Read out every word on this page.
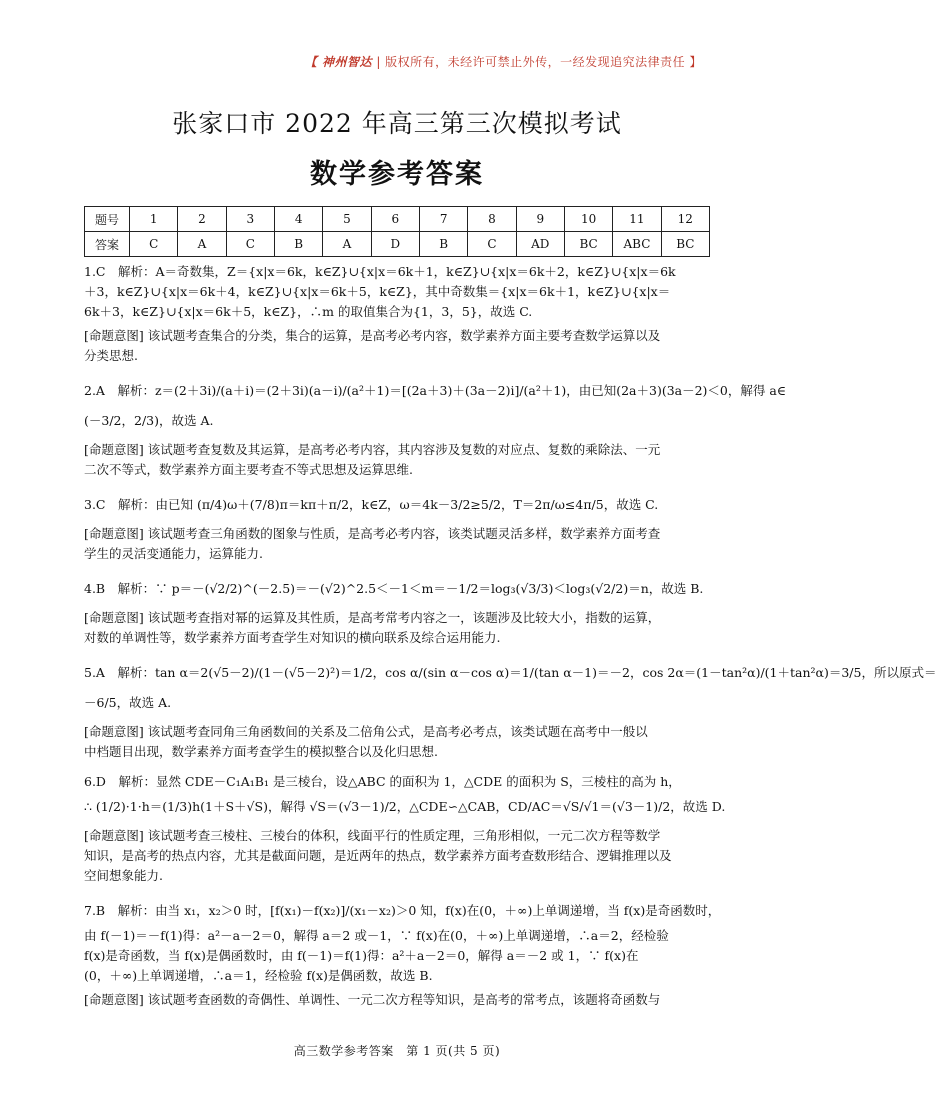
【 神州智达 | 版权所有，未经许可禁止外传，一经发现追究法律责任 】
张家口市 2022 年高三第三次模拟考试
数学参考答案
题号	1	2	3	4	5	6	7	8	9	10	11	12
答案	C	A	C	B	A	D	B	C	AD	BC	ABC	BC
1.C　解析：A＝奇数集，Z＝{x|x＝6k，k∈Z}∪{x|x＝6k＋1，k∈Z}∪{x|x＝6k＋2，k∈Z}∪{x|x＝6k
＋3，k∈Z}∪{x|x＝6k＋4，k∈Z}∪{x|x＝6k＋5，k∈Z}，其中奇数集＝{x|x＝6k＋1，k∈Z}∪{x|x＝
6k＋3，k∈Z}∪{x|x＝6k＋5，k∈Z}，∴m 的取值集合为{1，3，5}，故选 C.
[命题意图] 该试题考查集合的分类，集合的运算，是高考必考内容，数学素养方面主要考查数学运算以及
分类思想.
2.A　解析：z＝(2＋3i)/(a＋i)＝(2＋3i)(a－i)/(a²＋1)＝[(2a＋3)＋(3a－2)i]/(a²＋1)，由已知(2a＋3)(3a－2)＜0，解得 a∈
(－3/2，2/3)，故选 A.
[命题意图] 该试题考查复数及其运算，是高考必考内容，其内容涉及复数的对应点、复数的乘除法、一元
二次不等式，数学素养方面主要考查不等式思想及运算思维.
3.C　解析：由已知 (π/4)ω＋(7/8)π＝kπ＋π/2，k∈Z，ω＝4k－3/2≥5/2，T＝2π/ω≤4π/5，故选 C.
[命题意图] 该试题考查三角函数的图象与性质，是高考必考内容，该类试题灵活多样，数学素养方面考查
学生的灵活变通能力，运算能力.
4.B　解析：∵ p＝－(√2/2)^(－2.5)＝－(√2)^2.5＜－1＜m＝－1/2＝log₃(√3/3)＜log₃(√2/2)＝n，故选 B.
[命题意图] 该试题考查指对幂的运算及其性质，是高考常考内容之一，该题涉及比较大小，指数的运算，
对数的单调性等，数学素养方面考查学生对知识的横向联系及综合运用能力.
5.A　解析：tan α＝2(√5－2)/(1－(√5－2)²)＝1/2，cos α/(sin α－cos α)＝1/(tan α－1)＝－2，cos 2α＝(1－tan²α)/(1＋tan²α)＝3/5，所以原式＝
－6/5，故选 A.
[命题意图] 该试题考查同角三角函数间的关系及二倍角公式，是高考必考点，该类试题在高考中一般以
中档题目出现，数学素养方面考查学生的模拟整合以及化归思想.
6.D　解析：显然 CDE－C₁A₁B₁ 是三棱台，设△ABC 的面积为 1，△CDE 的面积为 S，三棱柱的高为 h，
∴ (1/2)·1·h＝(1/3)h(1＋S＋√S)，解得 √S＝(√3－1)/2，△CDE∽△CAB，CD/AC＝√S/√1＝(√3－1)/2，故选 D.
[命题意图] 该试题考查三棱柱、三棱台的体积，线面平行的性质定理，三角形相似，一元二次方程等数学
知识，是高考的热点内容，尤其是截面问题，是近两年的热点，数学素养方面考查数形结合、逻辑推理以及
空间想象能力.
7.B　解析：由当 x₁，x₂＞0 时，[f(x₁)－f(x₂)]/(x₁－x₂)＞0 知，f(x)在(0，＋∞)上单调递增，当 f(x)是奇函数时，
由 f(－1)＝－f(1)得：a²－a－2＝0，解得 a＝2 或－1，∵ f(x)在(0，＋∞)上单调递增，∴a＝2，经检验
f(x)是奇函数，当 f(x)是偶函数时，由 f(－1)＝f(1)得：a²＋a－2＝0，解得 a＝－2 或 1，∵ f(x)在
(0，＋∞)上单调递增，∴a＝1，经检验 f(x)是偶函数，故选 B.
[命题意图] 该试题考查函数的奇偶性、单调性、一元二次方程等知识，是高考的常考点，该题将奇函数与
高三数学参考答案　第 1 页(共 5 页)
